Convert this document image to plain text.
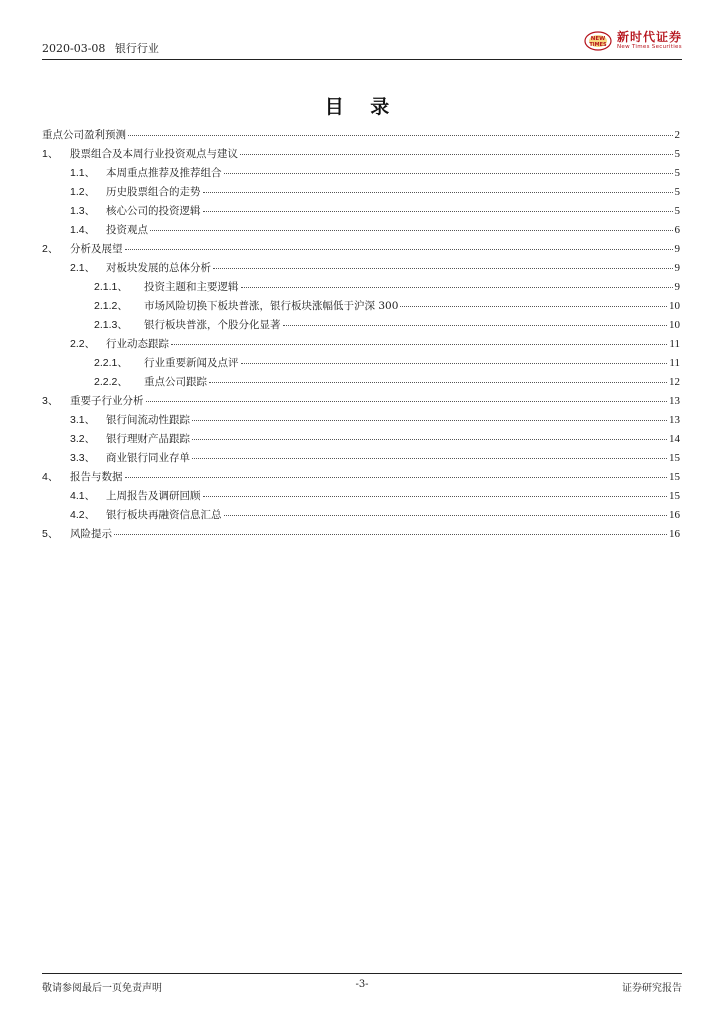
2020-03-08 银行行业
NEW
TIMES
新时代证券
New Times Securities
目 录
重点公司盈利预测	2
1、	股票组合及本周行业投资观点与建议	5
1.1、	本周重点推荐及推荐组合	5
1.2、	历史股票组合的走势	5
1.3、	核心公司的投资逻辑	5
1.4、	投资观点	6
2、	分析及展望	9
2.1、	对板块发展的总体分析	9
2.1.1、	投资主题和主要逻辑	9
2.1.2、	市场风险切换下板块普涨，银行板块涨幅低于沪深 300	10
2.1.3、	银行板块普涨，个股分化显著	10
2.2、	行业动态跟踪	11
2.2.1、	行业重要新闻及点评	11
2.2.2、	重点公司跟踪	12
3、	重要子行业分析	13
3.1、	银行间流动性跟踪	13
3.2、	银行理财产品跟踪	14
3.3、	商业银行同业存单	15
4、	报告与数据	15
4.1、	上周报告及调研回顾	15
4.2、	银行板块再融资信息汇总	16
5、	风险提示	16
敬请参阅最后一页免责声明	-3-	证券研究报告
